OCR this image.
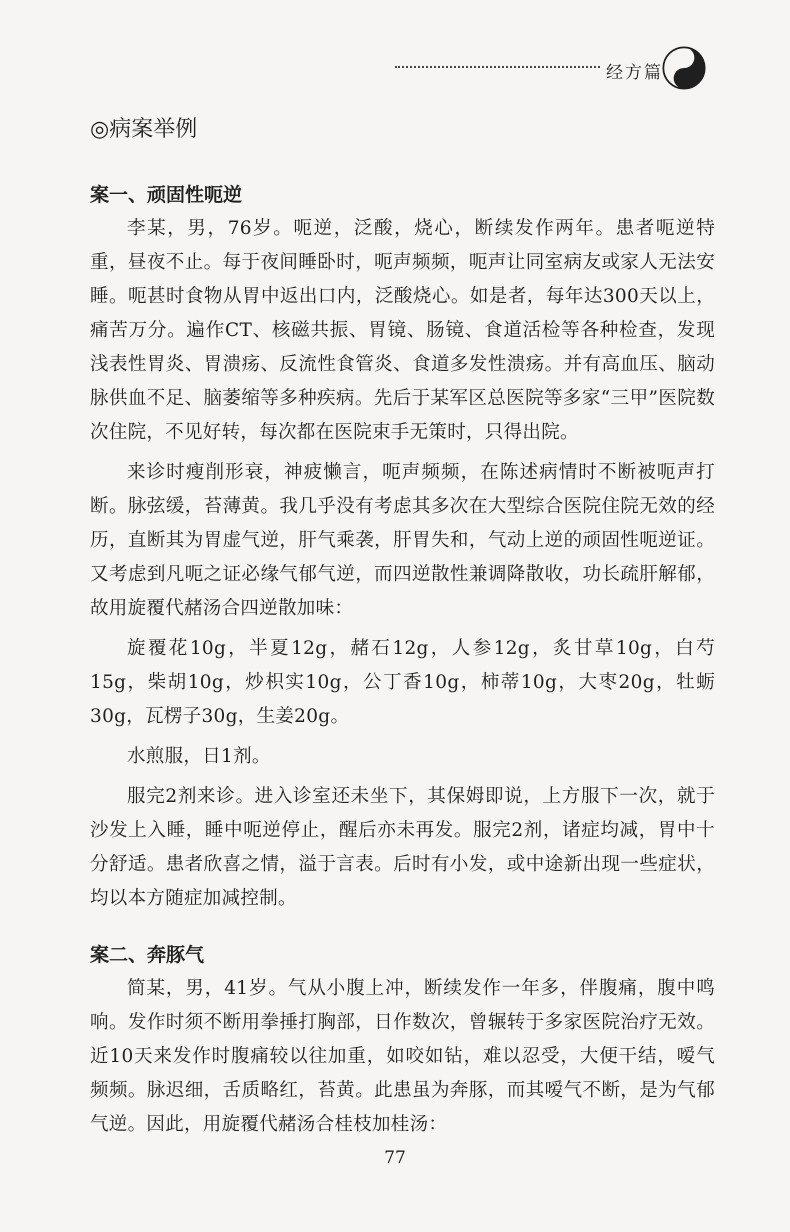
经方篇
◎病案举例
案一、顽固性呃逆

李某，男，76岁。呃逆，泛酸，烧心，断续发作两年。患者呃逆特重，昼夜不止。每于夜间睡卧时，呃声频频，呃声让同室病友或家人无法安睡。呃甚时食物从胃中返出口内，泛酸烧心。如是者，每年达300天以上，痛苦万分。遍作CT、核磁共振、胃镜、肠镜、食道活检等各种检查，发现浅表性胃炎、胃溃疡、反流性食管炎、食道多发性溃疡。并有高血压、脑动脉供血不足、脑萎缩等多种疾病。先后于某军区总医院等多家“三甲”医院数次住院，不见好转，每次都在医院束手无策时，只得出院。

来诊时瘦削形衰，神疲懒言，呃声频频，在陈述病情时不断被呃声打断。脉弦缓，苔薄黄。我几乎没有考虑其多次在大型综合医院住院无效的经历，直断其为胃虚气逆，肝气乘袭，肝胃失和，气动上逆的顽固性呃逆证。又考虑到凡呃之证必缘气郁气逆，而四逆散性兼调降散收，功长疏肝解郁，故用旋覆代赭汤合四逆散加味：

旋覆花10g，半夏12g，赭石12g，人参12g，炙甘草10g，白芍15g，柴胡10g，炒枳实10g，公丁香10g，柿蒂10g，大枣20g，牡蛎30g，瓦楞子30g，生姜20g。

水煎服，日1剂。

服完2剂来诊。进入诊室还未坐下，其保姆即说，上方服下一次，就于沙发上入睡，睡中呃逆停止，醒后亦未再发。服完2剂，诸症均减，胃中十分舒适。患者欣喜之情，溢于言表。后时有小发，或中途新出现一些症状，均以本方随症加减控制。

案二、奔豚气

简某，男，41岁。气从小腹上冲，断续发作一年多，伴腹痛，腹中鸣响。发作时须不断用拳捶打胸部，日作数次，曾辗转于多家医院治疗无效。近10天来发作时腹痛较以往加重，如咬如钻，难以忍受，大便干结，嗳气频频。脉迟细，舌质略红，苔黄。此患虽为奔豚，而其嗳气不断，是为气郁气逆。因此，用旋覆代赭汤合桂枝加桂汤：

77
